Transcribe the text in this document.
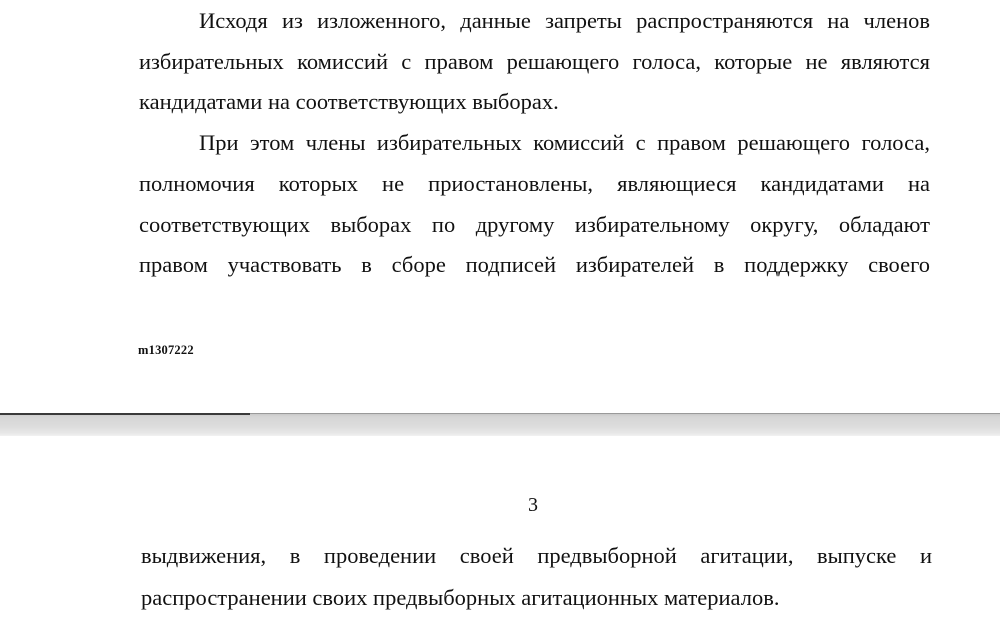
Исходя из изложенного, данные запреты распространяются на членов
избирательных комиссий с правом решающего голоса, которые не являются
кандидатами на соответствующих выборах.
При этом члены избирательных комиссий с правом решающего голоса,
полномочия которых не приостановлены, являющиеся кандидатами на
соответствующих выборах по другому избирательному округу, обладают
правом участвовать в сборе подписей избирателей в поддержку своего
m1307222
3
выдвижения, в проведении своей предвыборной агитации, выпуске и
распространении своих предвыборных агитационных материалов.
